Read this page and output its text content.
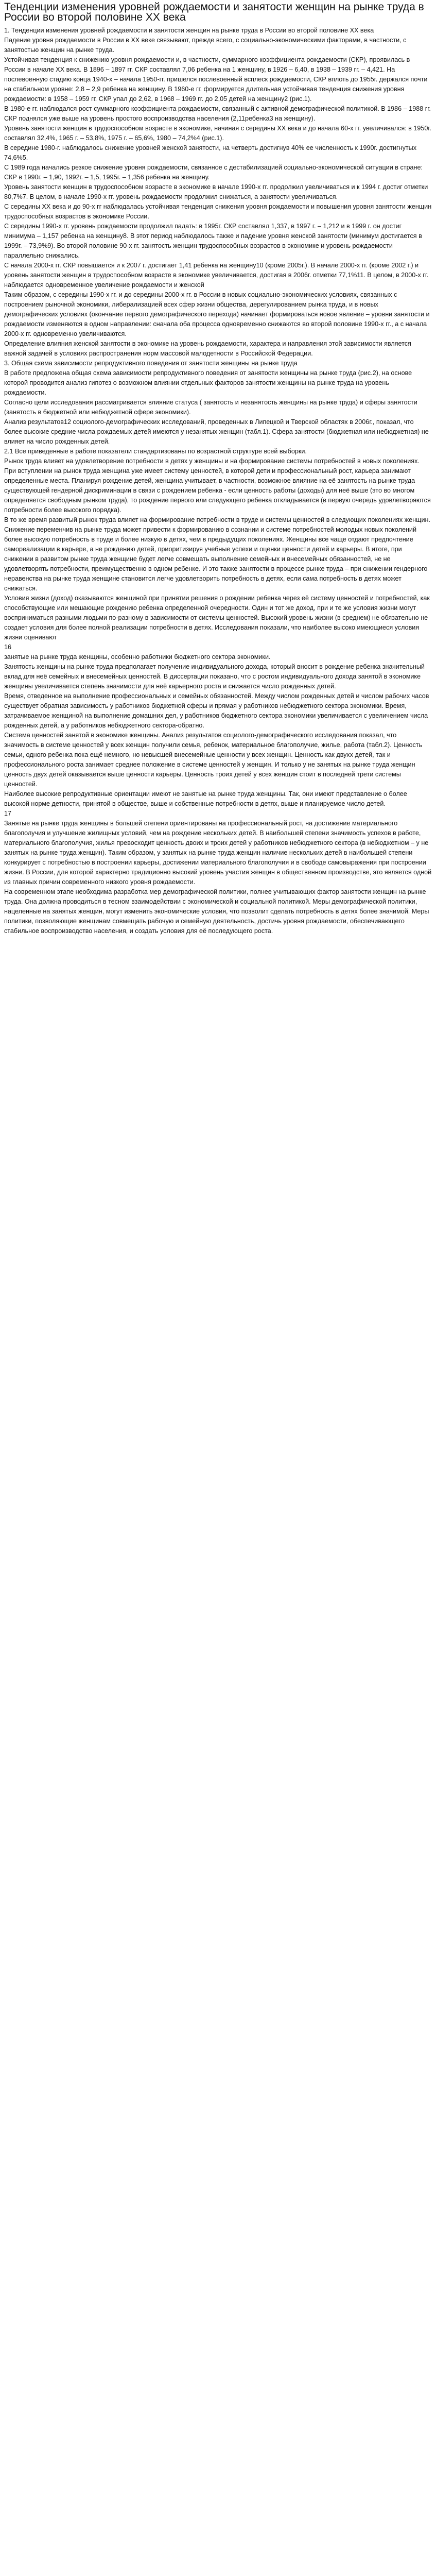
Тенденции изменения уровней рождаемости и занятости женщин на рынке труда в России во второй половине XX века

1. Тенденции изменения уровней рождаемости и занятости женщин на рынке труда в России во второй половине XX века

Падение уровня рождаемости в России в XX веке связывают, прежде всего, с социально-экономическими факторами, в частности, с занятостью женщин на рынке труда.

Устойчивая тенденция к снижению уровня рождаемости и, в частности, суммарного коэффициента рождаемости (СКР), проявилась в России в начале XX века. В 1896 – 1897 гг. СКР составлял 7,06 ребенка на 1 женщину, в 1926 – 6,40, в 1938 – 1939 гг. – 4,421. На послевоенную стадию конца 1940-х – начала 1950-гг. пришелся послевоенный всплеск рождаемости, СКР вплоть до 1955г. держался почти на стабильном уровне: 2,8 – 2,9 ребенка на женщину. В 1960-е гг. формируется длительная устойчивая тенденция снижения уровня рождаемости: в 1958 – 1959 гг. СКР упал до 2,62, в 1968 – 1969 гг. до 2,05 детей на женщину2 (рис.1).

В 1980-е гг. наблюдался рост суммарного коэффициента рождаемости, связанный с активной демографической политикой. В 1986 – 1988 гг. СКР поднялся уже выше на уровень простого воспроизводства населения (2,11ребенка3 на женщину).

Уровень занятости женщин в трудоспособном возрасте в экономике, начиная с середины XX века и до начала 60-х гг. увеличивался: в 1950г. составлял 32,4%, 1965 г. – 53,8%, 1975 г. – 65,6%, 1980 – 74,2%4 (рис.1).

В середине 1980-г. наблюдалось снижение уровней женской занятости, на четверть достигнув 40% ее численность к 1990г. достигнутых 74,6%5.

С 1989 года начались резкое снижение уровня рождаемости, связанное с дестабилизацией социально-экономической ситуации в стране: СКР в 1990г. – 1,90, 1992г. – 1,5, 1995г. – 1,356 ребенка на женщину.

Уровень занятости женщин в трудоспособном возрасте в экономике в начале 1990-х гг. продолжил увеличиваться и к 1994 г. достиг отметки 80,7%7. В целом, в начале 1990-х гг. уровень рождаемости продолжил снижаться, а занятости увеличиваться.

С середины XX века и до 90-х гг наблюдалась устойчивая тенденция снижения уровня рождаемости и повышения уровня занятости женщин трудоспособных возрастов в экономике России.

С середины 1990-х гг. уровень рождаемости продолжил падать: в 1995г. СКР составлял 1,337, в 1997 г. – 1,212 и в 1999 г. он достиг минимума – 1,157 ребенка на женщину8. В этот период наблюдалось также и падение уровня женской занятости (минимум достигается в 1999г. – 73,9%9). Во второй половине 90-х гг. занятость женщин трудоспособных возрастов в экономике и уровень рождаемости параллельно снижались.

С начала 2000-х гг. СКР повышается и к 2007 г. достигает 1,41 ребенка на женщину10 (кроме 2005г.). В начале 2000-х гг. (кроме 2002 г.) и уровень занятости женщин в трудоспособном возрасте в экономике увеличивается, достигая в 2006г. отметки 77,1%11. В целом, в 2000-х гг. наблюдается одновременное увеличение рождаемости и женской

Таким образом, с середины 1990-х гг. и до середины 2000-х гг. в России в новых социально-экономических условиях, связанных с построением рыночной экономики, либерализацией всех сфер жизни общества, дерегулированием рынка труда, и в новых демографических условиях (окончание первого демографического перехода) начинает формироваться новое явление – уровни занятости и рождаемости изменяются в одном направлении: сначала оба процесса одновременно снижаются во второй половине 1990-х гг., а с начала 2000-х гг. одновременно увеличиваются.

Определение влияния женской занятости в экономике на уровень рождаемости, характера и направления этой зависимости является важной задачей в условиях распространения норм массовой малодетности в Российской Федерации.

3. Общая схема зависимости репродуктивного поведения от занятости женщины на рынке труда

В работе предложена общая схема зависимости репродуктивного поведения от занятости женщины на рынке труда (рис.2), на основе которой проводится анализ гипотез о возможном влиянии отдельных факторов занятости женщины на рынке труда на уровень рождаемости.

Согласно цели исследования рассматривается влияние статуса ( занятость и незанятость женщины на рынке труда) и сферы занятости (занятость в бюджетной или небюджетной сфере экономики).

Анализ результатов12 социолого-демографических исследований, проведенных в Липецкой и Тверской областях в 2006г., показал, что более высокие средние числа рождаемых детей имеются у незанятых женщин (табл.1). Сфера занятости (бюджетная или небюджетная) не влияет на число рожденных детей.

2.1 Все приведенные в работе показатели стандартизованы по возрастной структуре всей выборки.

Рынок труда влияет на удовлетворение потребности в детях у женщины и на формирование системы потребностей в новых поколениях.

При вступлении на рынок труда женщина уже имеет систему ценностей, в которой дети и профессиональный рост, карьера занимают определенные места. Планируя рождение детей, женщина учитывает, в частности, возможное влияние на её занятость на рынке труда существующей гендерной дискриминации в связи с рождением ребенка - если ценность работы (доходы) для неё выше (это во многом определяется свободным рынком труда), то рождение первого или следующего ребенка откладывается (в первую очередь удовлетворяются потребности более высокого порядка).

В то же время развитый рынок труда влияет на формирование потребности в труде и системы ценностей в следующих поколениях женщин. Снижение переменчив на рынке труда может привести к формированию в сознании и системе потребностей молодых новых поколений более высокую потребность в труде и более низкую в детях, чем в предыдущих поколениях. Женщины все чаще отдают предпочтение самореализации в карьере, а не рождению детей, приоритизируя учебные успехи и оценки ценности детей и карьеры. В итоге, при снижении в развитом рынке труда женщине будет легче совмещать выполнение семейных и внесемейных обязанностей, не не удовлетворять потребности, преимущественно в одном ребенке. И это также занятости в процессе рынке труда – при снижении гендерного неравенства на рынке труда женщине становится легче удовлетворить потребность в детях, если сама потребность в детях может снижаться.

Условия жизни (доход) оказываются женщиной при принятии решения о рождении ребенка через её систему ценностей и потребностей, как способствующие или мешающие рождению ребенка определенной очередности. Один и тот же доход, при и те же условия жизни могут восприниматься разными людьми по-разному в зависимости от системы ценностей. Высокий уровень жизни (в среднем) не обязательно не создает условия для более полной реализации потребности в детях. Исследования показали, что наиболее высоко имеющиеся условия жизни оценивают

16

занятые на рынке труда женщины, особенно работники бюджетного сектора экономики.

Занятость женщины на рынке труда предполагает получение индивидуального дохода, который вносит в рождение ребенка значительный вклад для неё семейных и внесемейных ценностей. В диссертации показано, что с ростом индивидуального дохода занятой в экономике женщины увеличивается степень значимости для неё карьерного роста и снижается число рожденных детей.

Время, отведенное на выполнение профессиональных и семейных обязанностей. Между числом рожденных детей и числом рабочих часов существует обратная зависимость у работников бюджетной сферы и прямая у работников небюджетного сектора экономики. Время, затрачиваемое женщиной на выполнение домашних дел, у работников бюджетного сектора экономики увеличивается с увеличением числа рожденных детей, а у работников небюджетного сектора-обратно.

Система ценностей занятой в экономике женщины. Анализ результатов социолого-демографического исследования показал, что значимость в системе ценностей у всех женщин получили семья, ребенок, материальное благополучие, жилье, работа (табл.2). Ценность семьи, одного ребенка пока ещё немного, но невысшей внесемейные ценности у всех женщин. Ценность как двухх детей, так и профессионального роста занимает среднее положение в системе ценностей у женщин. И только у не занятых на рынке труда женщин ценность двух детей оказывается выше ценности карьеры. Ценность троих детей у всех женщин стоит в последней трети системы ценностей.

Наиболее высокие репродуктивные ориентации имеют не занятые на рынке труда женщины. Так, они имеют представление о более высокой норме детности, принятой в обществе, выше и собственные потребности в детях, выше и планируемое число детей.

17

Занятые на рынке труда женщины в большей степени ориентированы на профессиональный рост, на достижение материального благополучия и улучшение жилищных условий, чем на рождение нескольких детей. В наибольшей степени значимость успехов в работе, материального благополучия, жилья превосходит ценность двоих и троих детей у работников небюджетного сектора (в небюджетном – у не занятых на рынке труда женщин). Таким образом, у занятых на рынке труда женщин наличие нескольких детей в наибольшей степени конкурирует с потребностью в построении карьеры, достижении материального благополучия и в свободе самовыражения при построении жизни. В России, для которой характерно традиционно высокий уровень участия женщин в общественном производстве, это является одной из главных причин современного низкого уровня рождаемости.

На современном этапе необходима разработка мер демографической политики, полнее учитывающих фактор занятости женщин на рынке труда. Она должна проводиться в тесном взаимодействии с экономической и социальной политикой. Меры демографической политики, нацеленные на занятых женщин, могут изменить экономические условия, что позволит сделать потребность в детях более значимой. Меры политики, позволяющие женщинам совмещать рабочую и семейную деятельность, достичь уровня рождаемости, обеспечивающего стабильное воспроизводство населения, и создать условия для её последующего роста.
